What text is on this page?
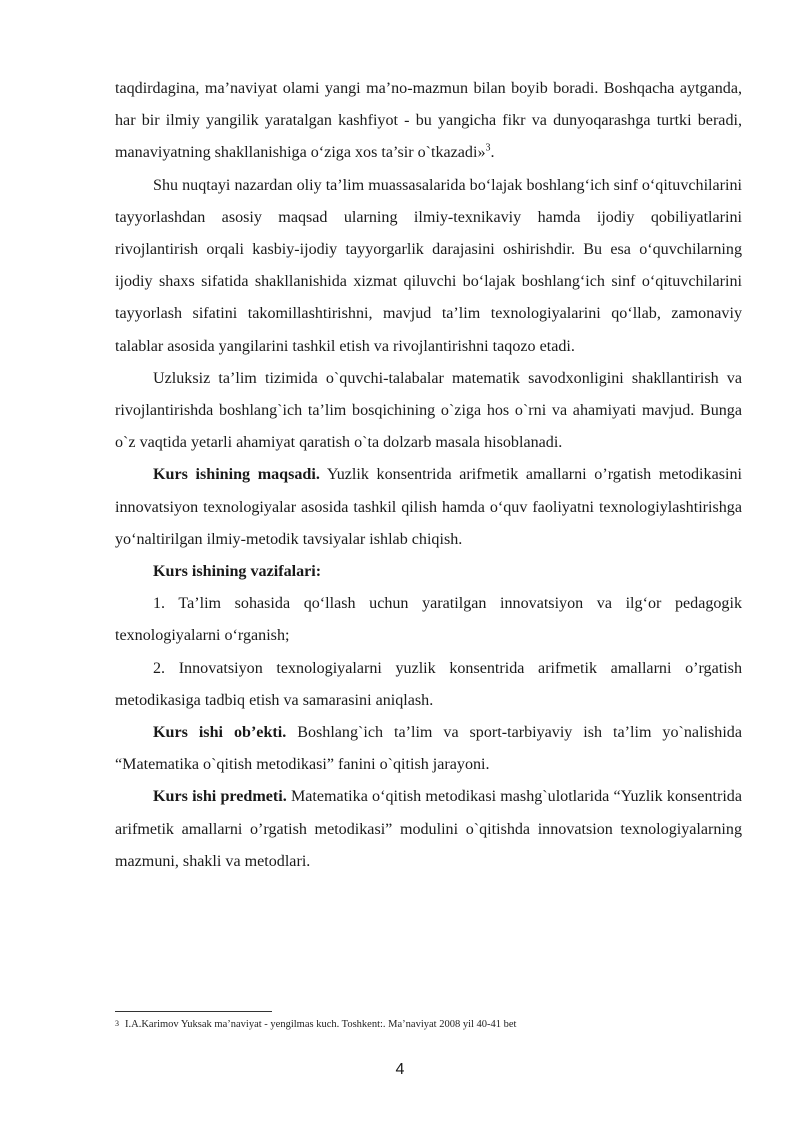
taqdirdagina, ma’naviyat olami yangi ma’no-mazmun bilan boyib boradi. Boshqacha aytganda, har bir ilmiy yangilik yaratalgan kashfiyot - bu yangicha fikr va dunyoqarashga turtki beradi, manaviyatning shakllanishiga o‘ziga xos ta’sir o`tkazadi»$^3$.

Shu nuqtayi nazardan oliy ta’lim muassasalarida bo‘lajak boshlang‘ich sinf o‘qituvchilarini tayyorlashdan asosiy maqsad ularning ilmiy-texnikaviy hamda ijodiy qobiliyatlarini rivojlantirish orqali kasbiy-ijodiy tayyorgarlik darajasini oshirishdir. Bu esa o‘quvchilarning ijodiy shaxs sifatida shakllanishida xizmat qiluvchi bo‘lajak boshlang‘ich sinf o‘qituvchilarini tayyorlash sifatini takomillashtirishni, mavjud ta’lim texnologiyalarini qo‘llab, zamonaviy talablar asosida yangilarini tashkil etish va rivojlantirishni taqozo etadi.

Uzluksiz ta’lim tizimida o`quvchi-talabalar matematik savodxonligini shakllantirish va rivojlantirishda boshlang`ich ta’lim bosqichining o`ziga hos o`rni va ahamiyati mavjud. Bunga o`z vaqtida yetarli ahamiyat qaratish o`ta dolzarb masala hisoblanadi.

Kurs ishining maqsadi. Yuzlik konsentrida arifmetik amallarni o’rgatish metodikasini innovatsiyon texnologiyalar asosida tashkil qilish hamda o‘quv faoliyatni texnologiylashtirishga yo‘naltirilgan ilmiy-metodik tavsiyalar ishlab chiqish.

Kurs ishining vazifalari:

1. Ta’lim sohasida qo‘llash uchun yaratilgan innovatsiyon va ilg‘or pedagogik texnologiyalarni o‘rganish;

2. Innovatsiyon texnologiyalarni yuzlik konsentrida arifmetik amallarni o’rgatish metodikasiga tadbiq etish va samarasini aniqlash.

Kurs ishi ob’ekti. Boshlang`ich ta’lim va sport-tarbiyaviy ish ta’lim yo`nalishida “Matematika o`qitish metodikasi” fanini o`qitish jarayoni.

Kurs ishi predmeti. Matematika o‘qitish metodikasi mashg`ulotlarida “Yuzlik konsentrida arifmetik amallarni o’rgatish metodikasi” modulini o`qitishda innovatsion texnologiyalarning mazmuni, shakli va metodlari.

$^3$ I.A.Karimov Yuksak ma’naviyat - yengilmas kuch. Toshkent:. Ma’naviyat 2008 yil 40-41 bet
4
